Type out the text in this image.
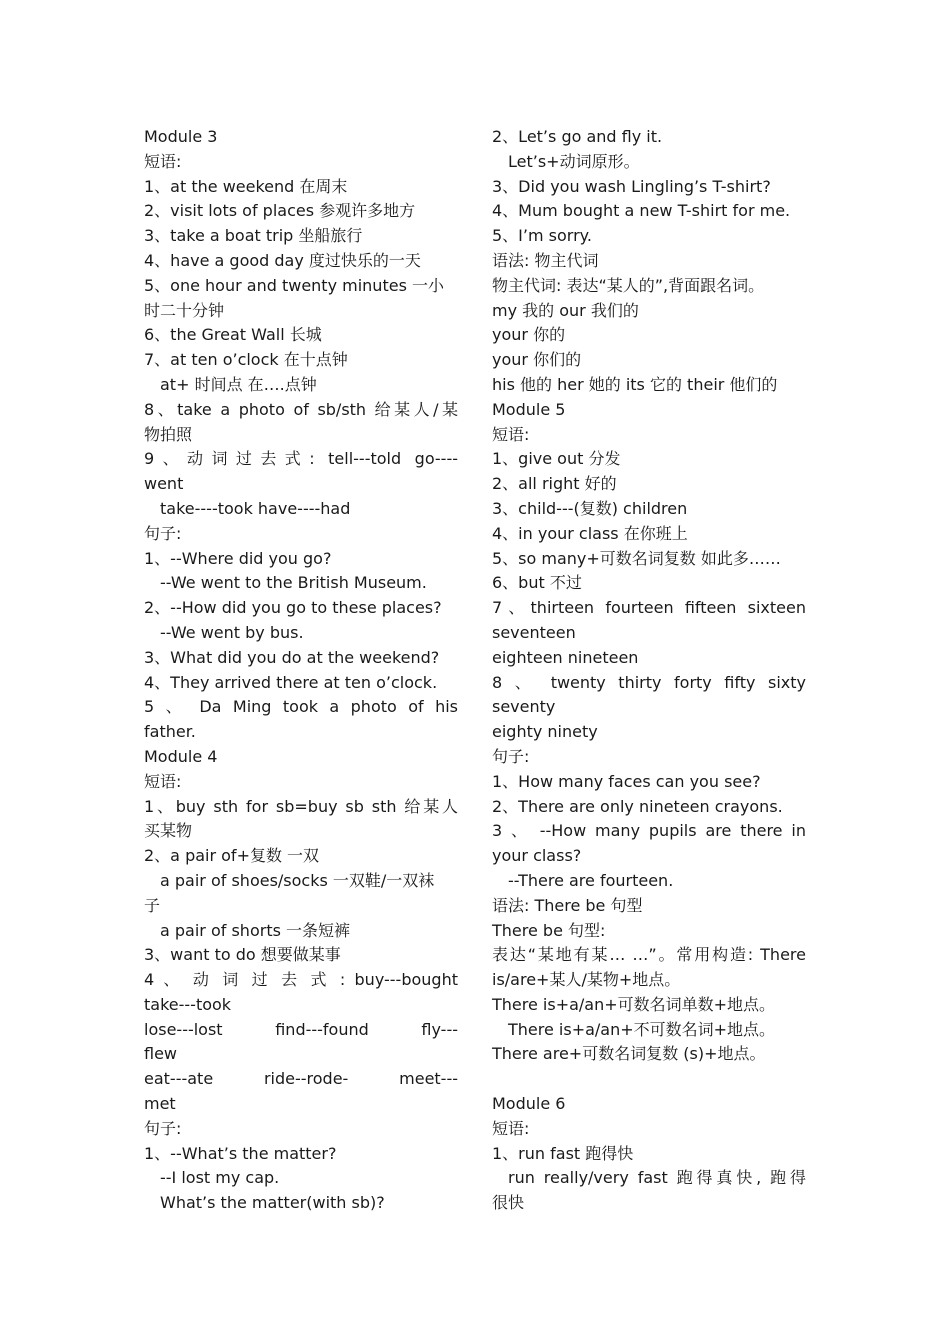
Module 3
短语:
1、at the weekend 在周末
2、visit lots of places 参观许多地方
3、take a boat trip 坐船旅行
4、have a good day 度过快乐的一天
5、one hour and twenty minutes 一小
时二十分钟
6、the Great Wall 长城
7、at ten o’clock 在十点钟
at+ 时间点 在….点钟
8、take a photo of sb/sth 给某人/某
物拍照
9、动词过去式: tell---told go----
went
take----took have----had
句子:
1、--Where did you go?
--We went to the British Museum.
2、--How did you go to these places?
--We went by bus.
3、What did you do at the weekend?
4、They arrived there at ten o’clock.
5 、 Da Ming took a photo of his
father.
Module 4
短语:
1、buy sth for sb=buy sb sth 给某人
买某物
2、a pair of+复数 一双
a pair of shoes/socks 一双鞋/一双袜
子
a pair of shorts 一条短裤
3、want to do 想要做某事
4 、 动 词 过 去 式 : buy---bought
take---took
lose---lost find---found fly---
flew
eat---ate ride--rode- meet---
met
句子:
1、--What’s the matter?
--I lost my cap.
What’s the matter(with sb)?
2、Let’s go and fly it.
Let’s+动词原形。
3、Did you wash Lingling’s T-shirt?
4、Mum bought a new T-shirt for me.
5、I’m sorry.
语法: 物主代词
物主代词: 表达“某人的”,背面跟名词。
my 我的 our 我们的
your 你的
your 你们的
his 他的 her 她的 its 它的 their 他们的
Module 5
短语:
1、give out 分发
2、all right 好的
3、child---(复数) children
4、in your class 在你班上
5、so many+可数名词复数 如此多……
6、but 不过
7、thirteen fourteen fifteen sixteen
seventeen
eighteen nineteen
8 、 twenty thirty forty fifty sixty
seventy
eighty ninety
句子:
1、How many faces can you see?
2、There are only nineteen crayons.
3 、 --How many pupils are there in
your class?
--There are fourteen.
语法: There be 句型
There be 句型:
表达“某地有某… …”。常用构造: There
is/are+某人/某物+地点。
There is+a/an+可数名词单数+地点。
There is+a/an+不可数名词+地点。
There are+可数名词复数 (s)+地点。
Module 6
短语:
1、run fast 跑得快
run really/very fast 跑得真快, 跑得
很快
